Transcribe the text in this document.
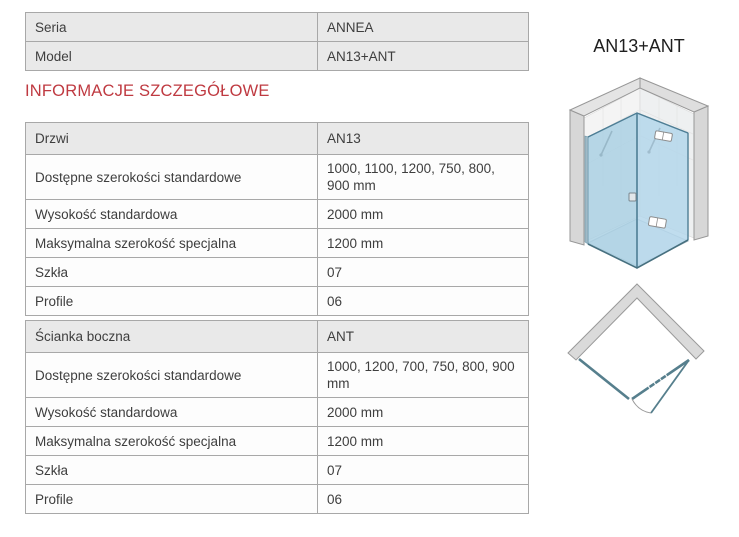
Seria	ANNEA
Model	AN13+ANT
INFORMACJE SZCZEGÓŁOWE
Drzwi	AN13
Dostępne szerokości standardowe	1000, 1100, 1200, 750, 800, 900 mm
Wysokość standardowa	2000 mm
Maksymalna szerokość specjalna	1200 mm
Szkła	07
Profile	06
Ścianka boczna	ANT
Dostępne szerokości standardowe	1000, 1200, 700, 750, 800, 900 mm
Wysokość standardowa	2000 mm
Maksymalna szerokość specjalna	1200 mm
Szkła	07
Profile	06
AN13+ANT
